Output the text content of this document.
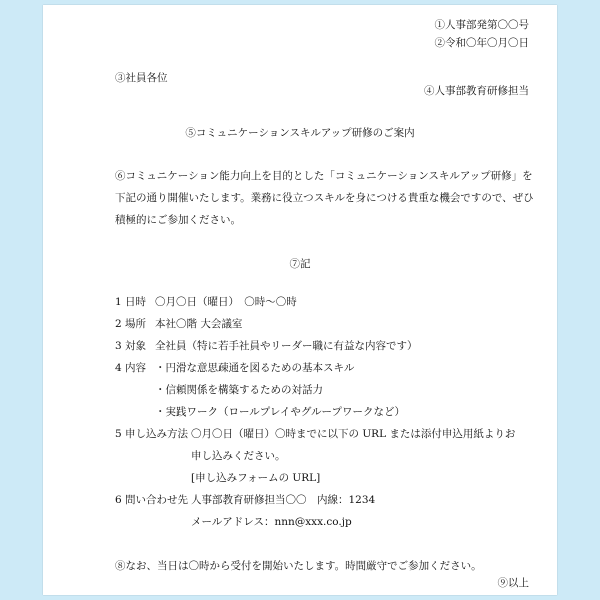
①人事部発第〇〇号
②令和〇年〇月〇日
③社員各位
④人事部教育研修担当
⑤コミュニケーションスキルアップ研修のご案内
⑥コミュニケーション能力向上を目的とした「コミュニケーションスキルアップ研修」を
下記の通り開催いたします。業務に役立つスキルを身につける貴重な機会ですので、ぜひ
積極的にご参加ください。
⑦記
1 日時 〇月〇日（曜日）　〇時～〇時
2 場所 本社〇階 大会議室
3 対象 全社員（特に若手社員やリーダー職に有益な内容です）
4 内容 ・円滑な意思疎通を図るための基本スキル
・信頼関係を構築するための対話力
・実践ワーク（ロールプレイやグループワークなど）
5 申し込み方法 〇月〇日（曜日）〇時までに以下の URL または添付申込用紙よりお
申し込みください。
[申し込みフォームの URL]
6 問い合わせ先 人事部教育研修担当〇〇　内線：1234
メールアドレス：nnn@xxx.co.jp
⑧なお、当日は〇時から受付を開始いたします。時間厳守でご参加ください。
⑨以上
